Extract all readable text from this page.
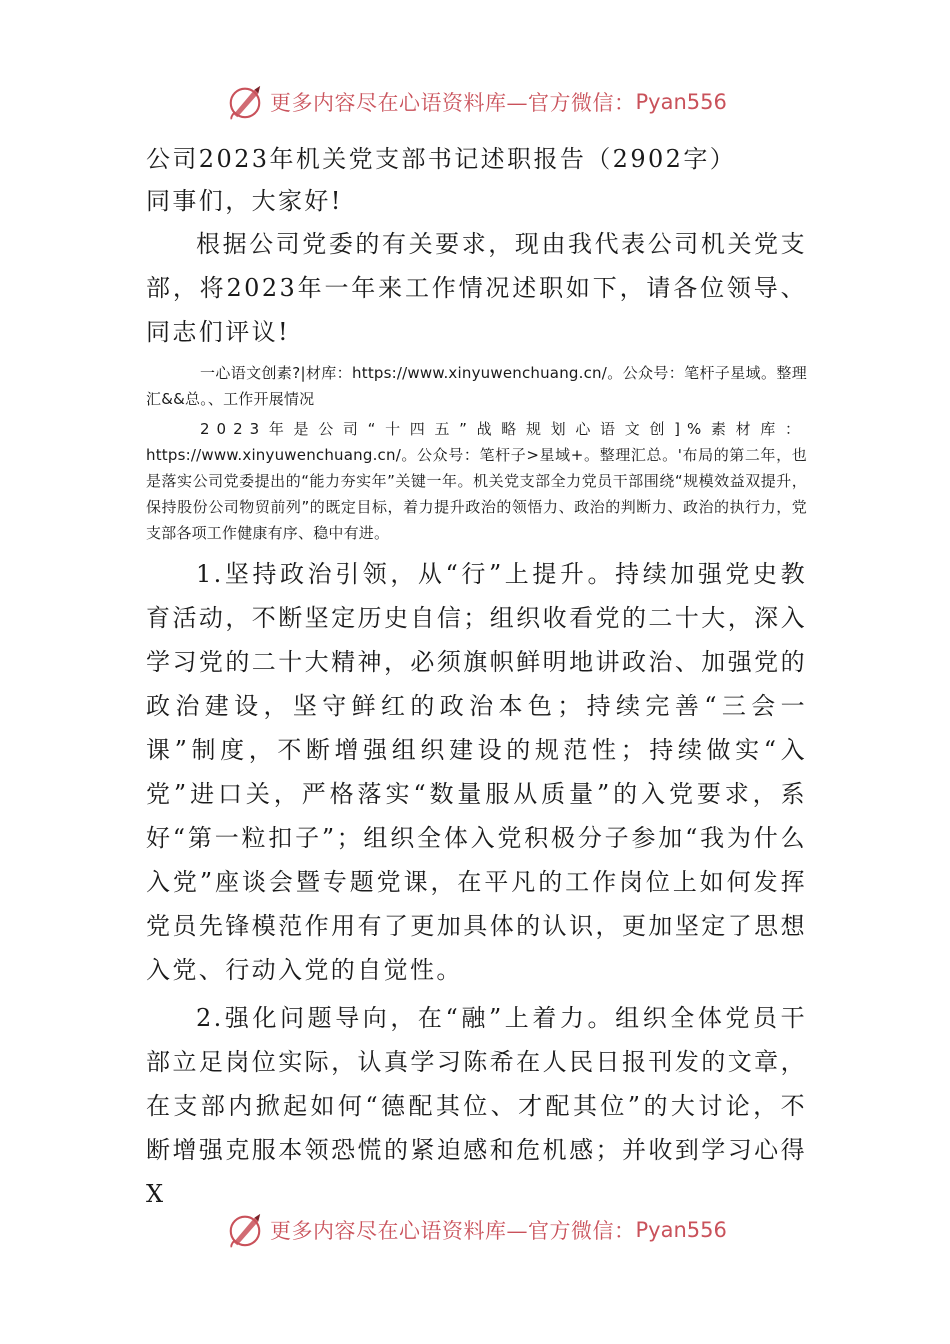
更多内容尽在心语资料库—官方微信： Pyan556

公司2023年机关党支部书记述职报告（2902字）

同事们，大家好!

根据公司党委的有关要求，现由我代表公司机关党支部，将2023年一年来工作情况述职如下，请各位领导、同志们评议!

一心语文创素?|材库：https://www.xinyuwenchuang.cn/。公众号：笔杆子星域。整理汇&&总。、工作开展情况

2023年是公司“十四五”战略规划心语文创]%素材库：https://www.xinyuwenchuang.cn/。公众号：笔杆子>星域+。整理汇总。'布局的第二年，也是落实公司党委提出的“能力夯实年”关键一年。机关党支部全力党员干部围绕“规模效益双提升，保持股份公司物贸前列”的既定目标，着力提升政治的领悟力、政治的判断力、政治的执行力，党支部各项工作健康有序、稳中有进。

1.坚持政治引领，从“行”上提升。持续加强党史教育活动，不断坚定历史自信；组织收看党的二十大，深入学习党的二十大精神，必须旗帜鲜明地讲政治、加强党的政治建设，坚守鲜红的政治本色；持续完善“三会一课”制度，不断增强组织建设的规范性；持续做实“入党”进口关，严格落实“数量服从质量”的入党要求，系好“第一粒扣子”；组织全体入党积极分子参加“我为什么入党”座谈会暨专题党课，在平凡的工作岗位上如何发挥党员先锋模范作用有了更加具体的认识，更加坚定了思想入党、行动入党的自觉性。

2.强化问题导向，在“融”上着力。组织全体党员干部立足岗位实际，认真学习陈希在人民日报刊发的文章，在支部内掀起如何“德配其位、才配其位”的大讨论，不断增强克服本领恐慌的紧迫感和危机感；并收到学习心得X

更多内容尽在心语资料库—官方微信： Pyan556
